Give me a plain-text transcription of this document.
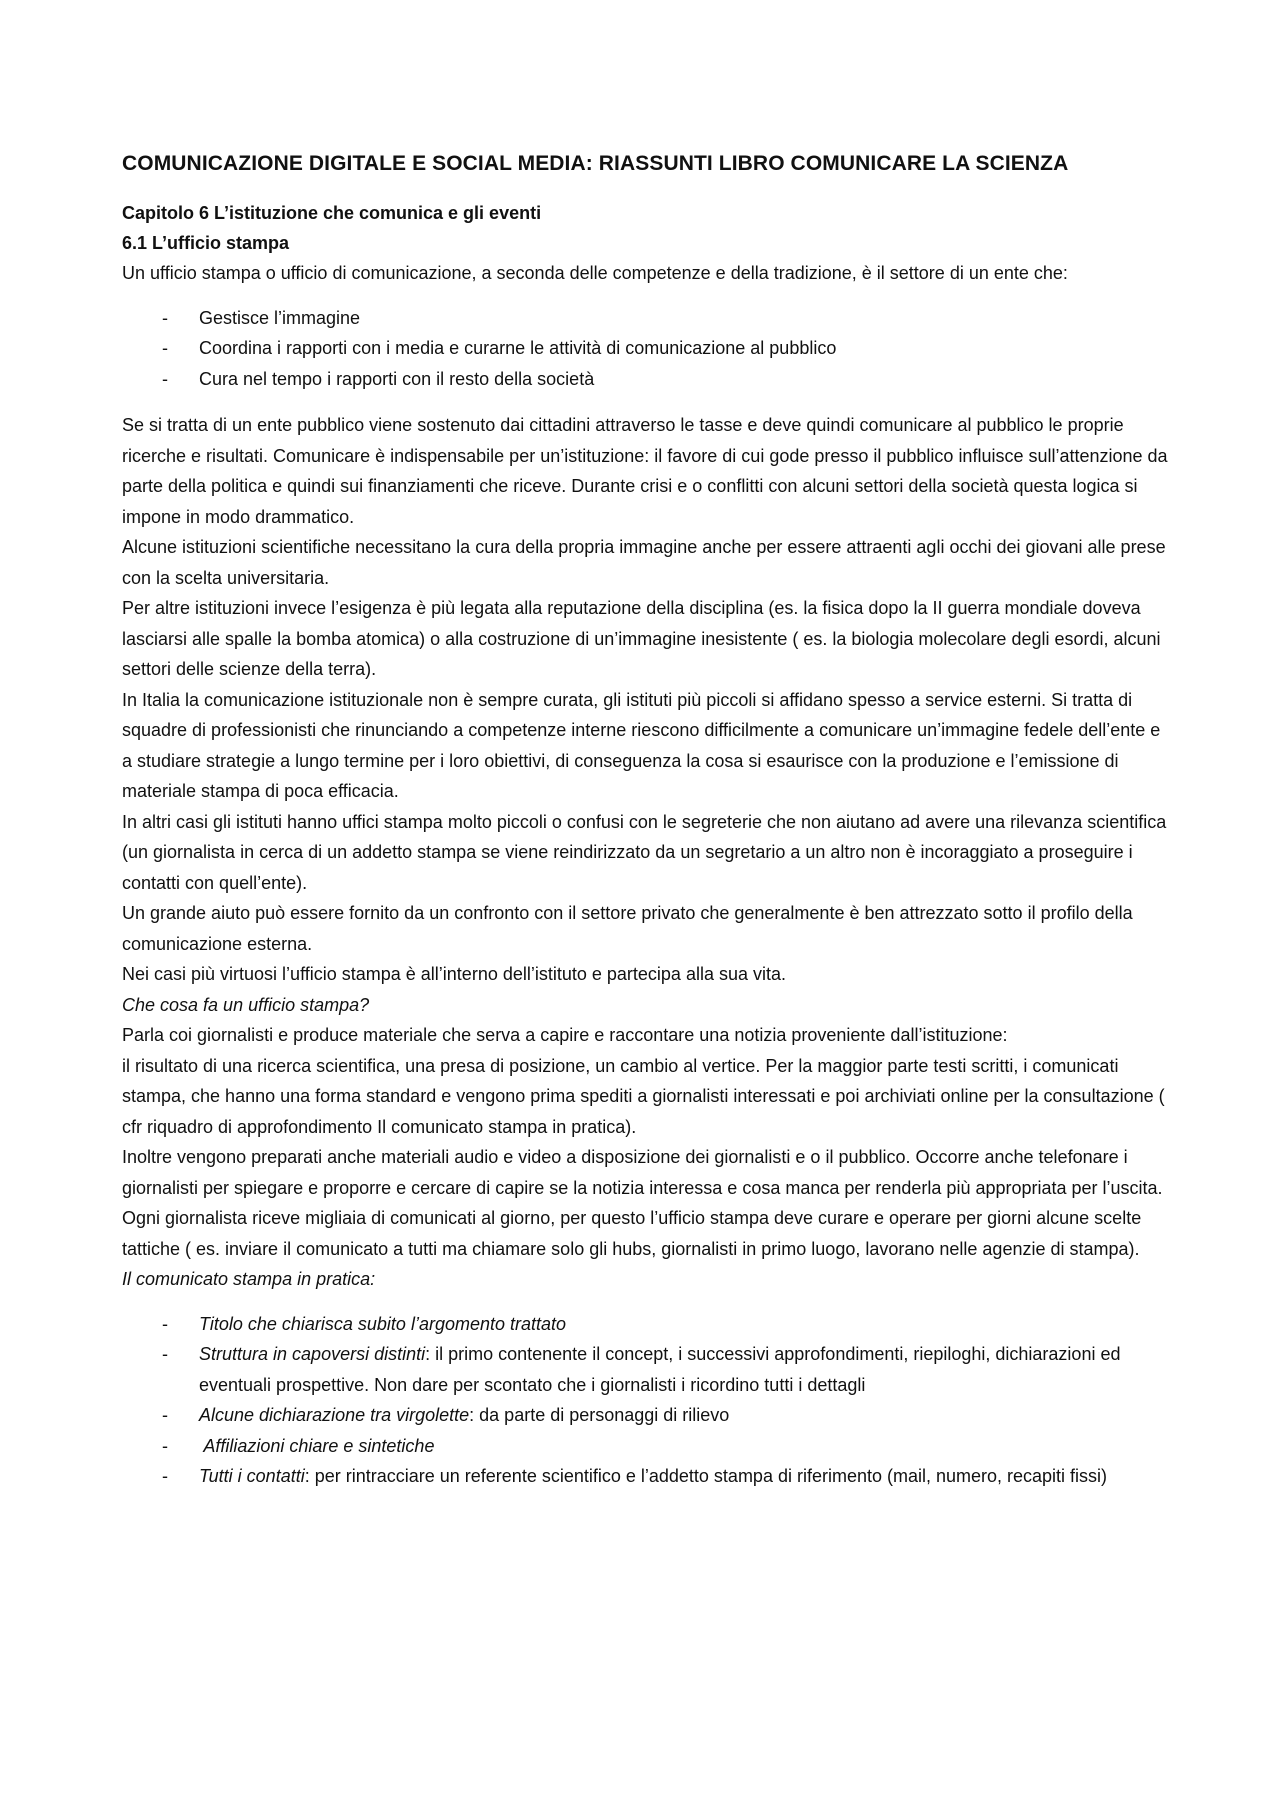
COMUNICAZIONE DIGITALE E SOCIAL MEDIA: RIASSUNTI LIBRO COMUNICARE LA SCIENZA
Capitolo 6 L’istituzione che comunica e gli eventi
6.1 L’ufficio stampa

Un ufficio stampa o ufficio di comunicazione, a seconda delle competenze e della tradizione, è il settore di un ente che:

- Gestisce l’immagine
- Coordina i rapporti con i media e curarne le attività di comunicazione al pubblico
- Cura nel tempo i rapporti con il resto della società

Se si tratta di un ente pubblico viene sostenuto dai cittadini attraverso le tasse e deve quindi comunicare al pubblico le proprie ricerche e risultati. Comunicare è indispensabile per un’istituzione: il favore di cui gode presso il pubblico influisce sull’attenzione da parte della politica e quindi sui finanziamenti che riceve. Durante crisi e o conflitti con alcuni settori della società questa logica si impone in modo drammatico.

Alcune istituzioni scientifiche necessitano la cura della propria immagine anche per essere attraenti agli occhi dei giovani alle prese con la scelta universitaria.

Per altre istituzioni invece l’esigenza è più legata alla reputazione della disciplina (es. la fisica dopo la II guerra mondiale doveva lasciarsi alle spalle la bomba atomica) o alla costruzione di un’immagine inesistente ( es. la biologia molecolare degli esordi, alcuni settori delle scienze della terra).

In Italia la comunicazione istituzionale non è sempre curata, gli istituti più piccoli si affidano spesso a service esterni. Si tratta di squadre di professionisti che rinunciando a competenze interne riescono difficilmente a comunicare un’immagine fedele dell’ente e a studiare strategie a lungo termine per i loro obiettivi, di conseguenza la cosa si esaurisce con la produzione e l’emissione di materiale stampa di poca efficacia.

In altri casi gli istituti hanno uffici stampa molto piccoli o confusi con le segreterie che non aiutano ad avere una rilevanza scientifica (un giornalista in cerca di un addetto stampa se viene reindirizzato da un segretario a un altro non è incoraggiato a proseguire i contatti con quell’ente).

Un grande aiuto può essere fornito da un confronto con il settore privato che generalmente è ben attrezzato sotto il profilo della comunicazione esterna.

Nei casi più virtuosi l’ufficio stampa è all’interno dell’istituto e partecipa alla sua vita.

Che cosa fa un ufficio stampa?

Parla coi giornalisti e produce materiale che serva a capire e raccontare una notizia proveniente dall’istituzione:

il risultato di una ricerca scientifica, una presa di posizione, un cambio al vertice. Per la maggior parte testi scritti, i comunicati stampa, che hanno una forma standard e vengono prima spediti a giornalisti interessati e poi archiviati online per la consultazione ( cfr riquadro di approfondimento Il comunicato stampa in pratica).

Inoltre vengono preparati anche materiali audio e video a disposizione dei giornalisti e o il pubblico. Occorre anche telefonare i giornalisti per spiegare e proporre e cercare di capire se la notizia interessa e cosa manca per renderla più appropriata per l’uscita. Ogni giornalista riceve migliaia di comunicati al giorno, per questo l’ufficio stampa deve curare e operare per giorni alcune scelte tattiche ( es. inviare il comunicato a tutti ma chiamare solo gli hubs, giornalisti in primo luogo, lavorano nelle agenzie di stampa).

Il comunicato stampa in pratica:

- Titolo che chiarisca subito l’argomento trattato
- Struttura in capoversi distinti: il primo contenente il concept, i successivi approfondimenti, riepiloghi, dichiarazioni ed eventuali prospettive. Non dare per scontato che i giornalisti i ricordino tutti i dettagli
- Alcune dichiarazione tra virgolette: da parte di personaggi di rilievo
-  Affiliazioni chiare e sintetiche
- Tutti i contatti: per rintracciare un referente scientifico e l’addetto stampa di riferimento (mail, numero, recapiti fissi)
